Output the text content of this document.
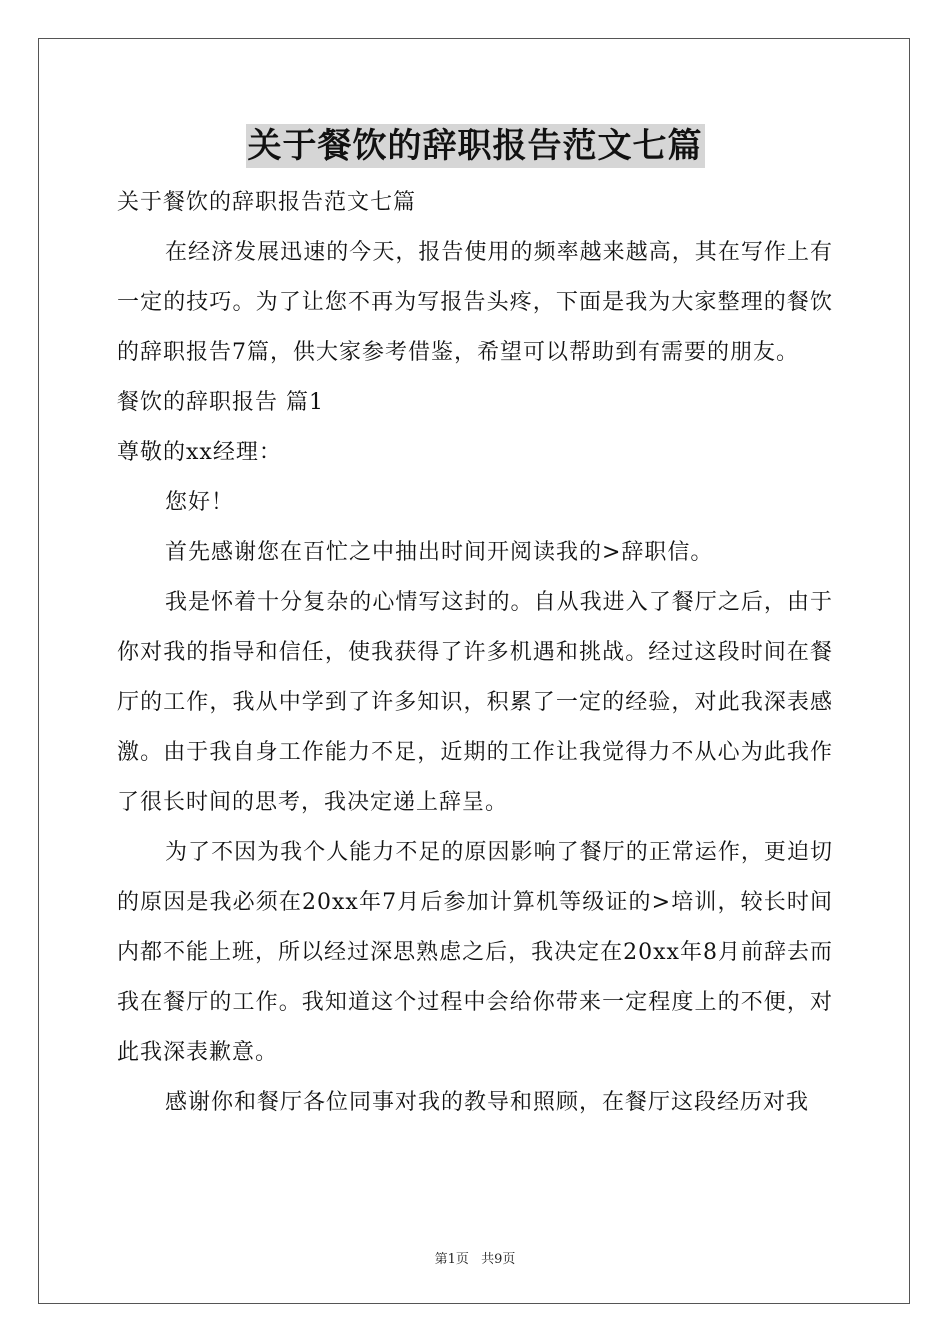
关于餐饮的辞职报告范文七篇

关于餐饮的辞职报告范文七篇

在经济发展迅速的今天，报告使用的频率越来越高，其在写作上有一定的技巧。为了让您不再为写报告头疼，下面是我为大家整理的餐饮的辞职报告7篇，供大家参考借鉴，希望可以帮助到有需要的朋友。

餐饮的辞职报告 篇1

尊敬的xx经理：

您好！

首先感谢您在百忙之中抽出时间开阅读我的>辞职信。

我是怀着十分复杂的心情写这封的。自从我进入了餐厅之后，由于你对我的指导和信任，使我获得了许多机遇和挑战。经过这段时间在餐厅的工作，我从中学到了许多知识，积累了一定的经验，对此我深表感激。由于我自身工作能力不足，近期的工作让我觉得力不从心为此我作了很长时间的思考，我决定递上辞呈。

为了不因为我个人能力不足的原因影响了餐厅的正常运作，更迫切的原因是我必须在20xx年7月后参加计算机等级证的>培训，较长时间内都不能上班，所以经过深思熟虑之后，我决定在20xx年8月前辞去而我在餐厅的工作。我知道这个过程中会给你带来一定程度上的不便，对此我深表歉意。

感谢你和餐厅各位同事对我的教导和照顾，在餐厅这段经历对我

第1页 共9页
